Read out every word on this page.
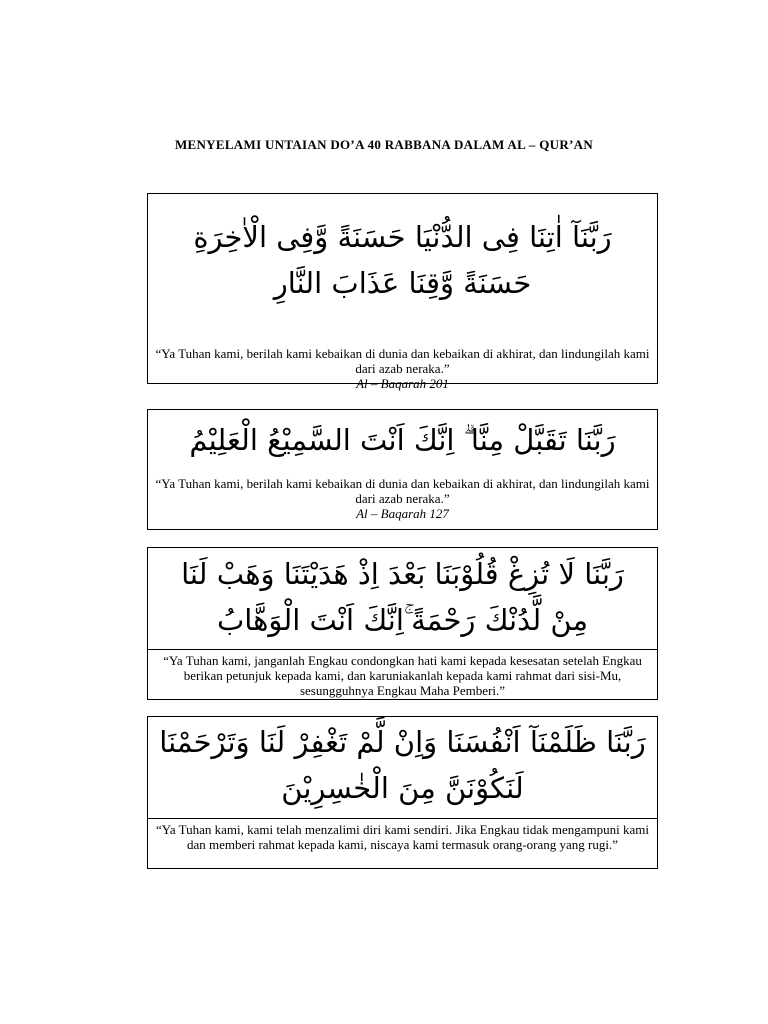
MENYELAMI UNTAIAN DO’A 40 RABBANA DALAM AL – QUR’AN
رَبَّنَآ اٰتِنَا فِى الدُّنْيَا حَسَنَةً وَّفِى الْاٰخِرَةِ حَسَنَةً وَّقِنَا عَذَابَ النَّارِ
“Ya Tuhan kami, berilah kami kebaikan di dunia dan kebaikan di akhirat, dan lindungilah kami dari azab neraka.”
Al – Baqarah 201
رَبَّنَا تَقَبَّلْ مِنَّا ۗ اِنَّكَ اَنْتَ السَّمِيْعُ الْعَلِيْمُ
“Ya Tuhan kami, berilah kami kebaikan di dunia dan kebaikan di akhirat, dan lindungilah kami dari azab neraka.”
Al – Baqarah 127
رَبَّنَا لَا تُزِغْ قُلُوْبَنَا بَعْدَ اِذْ هَدَيْتَنَا وَهَبْ لَنَا مِنْ لَّدُنْكَ رَحْمَةً ۚاِنَّكَ اَنْتَ الْوَهَّابُ
“Ya Tuhan kami, janganlah Engkau condongkan hati kami kepada kesesatan setelah Engkau berikan petunjuk kepada kami, dan karuniakanlah kepada kami rahmat dari sisi-Mu, sesungguhnya Engkau Maha Pemberi.”
رَبَّنَا ظَلَمْنَآ اَنْفُسَنَا وَاِنْ لَّمْ تَغْفِرْ لَنَا وَتَرْحَمْنَا لَنَكُوْنَنَّ مِنَ الْخٰسِرِيْنَ
“Ya Tuhan kami, kami telah menzalimi diri kami sendiri. Jika Engkau tidak mengampuni kami dan memberi rahmat kepada kami, niscaya kami termasuk orang-orang yang rugi.”
